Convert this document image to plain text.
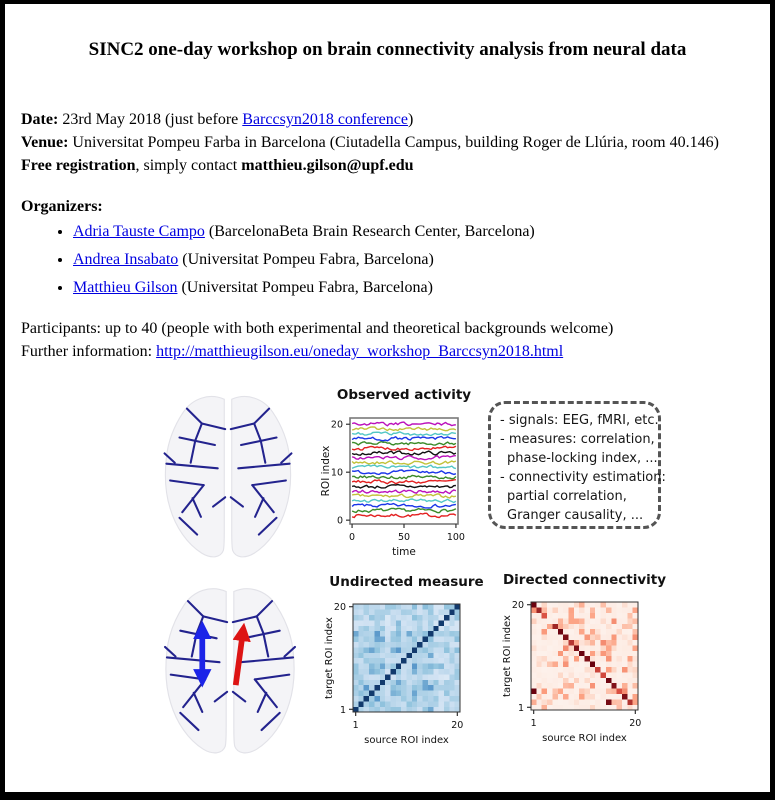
SINC2 one-day workshop on brain connectivity analysis from neural data

Date: 23rd May 2018 (just before Barccsyn2018 conference)

Venue: Universitat Pompeu Farba in Barcelona (Ciutadella Campus, building Roger de Llúria, room 40.146)

Free registration, simply contact matthieu.gilson@upf.edu

Organizers:

• Adria Tauste Campo (BarcelonaBeta Brain Research Center, Barcelona)
• Andrea Insabato (Universitat Pompeu Fabra, Barcelona)
• Matthieu Gilson (Universitat Pompeu Fabra, Barcelona)

Participants: up to 40 (people with both experimental and theoretical backgrounds welcome)

Further information: http://matthieugilson.eu/oneday_workshop_Barccsyn2018.html

Observed activity
0
10
20
0	50	100
time
ROI index
- signals: EEG, fMRI, etc.
- measures: correlation,
phase-locking index, ...
- connectivity estimation:
partial correlation,
Granger causality, ...
Undirected measure
1
20
1	20
source ROI index
target ROI index
Directed connectivity
1
20
1	20
source ROI index
target ROI index
